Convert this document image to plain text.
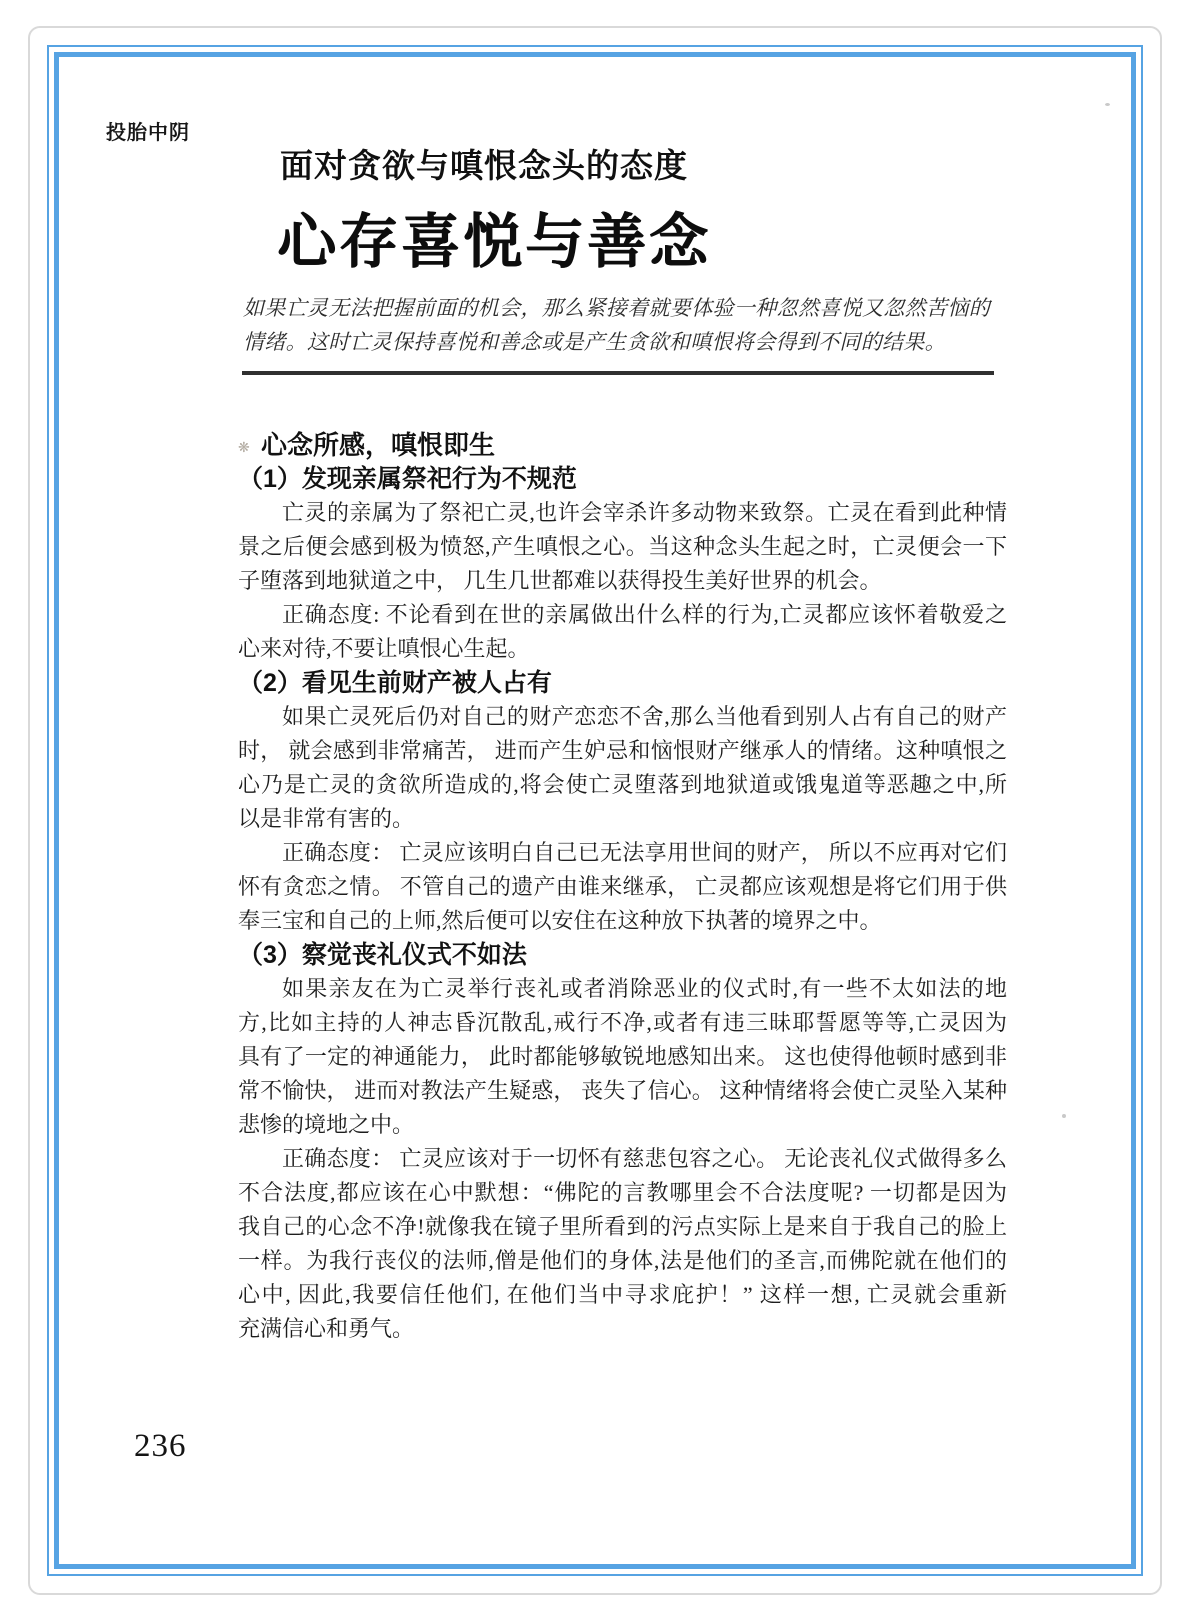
投胎中阴
面对贪欲与嗔恨念头的态度
心存喜悦与善念
如果亡灵无法把握前面的机会，那么紧接着就要体验一种忽然喜悦又忽然苦恼的
情绪。这时亡灵保持喜悦和善念或是产生贪欲和嗔恨将会得到不同的结果。
❋ 心念所感，嗔恨即生
（1）发现亲属祭祀行为不规范
亡灵的亲属为了祭祀亡灵,也许会宰杀许多动物来致祭。亡灵在看到此种情
景之后便会感到极为愤怒,产生嗔恨之心。当这种念头生起之时，亡灵便会一下
子堕落到地狱道之中， 几生几世都难以获得投生美好世界的机会。
正确态度: 不论看到在世的亲属做出什么样的行为,亡灵都应该怀着敬爱之
心来对待,不要让嗔恨心生起。
（2）看见生前财产被人占有
如果亡灵死后仍对自己的财产恋恋不舍,那么当他看到别人占有自己的财产
时， 就会感到非常痛苦， 进而产生妒忌和恼恨财产继承人的情绪。这种嗔恨之
心乃是亡灵的贪欲所造成的,将会使亡灵堕落到地狱道或饿鬼道等恶趣之中,所
以是非常有害的。
正确态度： 亡灵应该明白自己已无法享用世间的财产， 所以不应再对它们
怀有贪恋之情。 不管自己的遗产由谁来继承， 亡灵都应该观想是将它们用于供
奉三宝和自己的上师,然后便可以安住在这种放下执著的境界之中。
（3）察觉丧礼仪式不如法
如果亲友在为亡灵举行丧礼或者消除恶业的仪式时,有一些不太如法的地
方,比如主持的人神志昏沉散乱,戒行不净,或者有违三昧耶誓愿等等,亡灵因为
具有了一定的神通能力， 此时都能够敏锐地感知出来。 这也使得他顿时感到非
常不愉快， 进而对教法产生疑惑， 丧失了信心。 这种情绪将会使亡灵坠入某种
悲惨的境地之中。
正确态度： 亡灵应该对于一切怀有慈悲包容之心。 无论丧礼仪式做得多么
不合法度,都应该在心中默想：“佛陀的言教哪里会不合法度呢? 一切都是因为
我自己的心念不净!就像我在镜子里所看到的污点实际上是来自于我自己的脸上
一样。为我行丧仪的法师,僧是他们的身体,法是他们的圣言,而佛陀就在他们的
心中, 因此,我要信任他们, 在他们当中寻求庇护！” 这样一想, 亡灵就会重新
充满信心和勇气。
236
